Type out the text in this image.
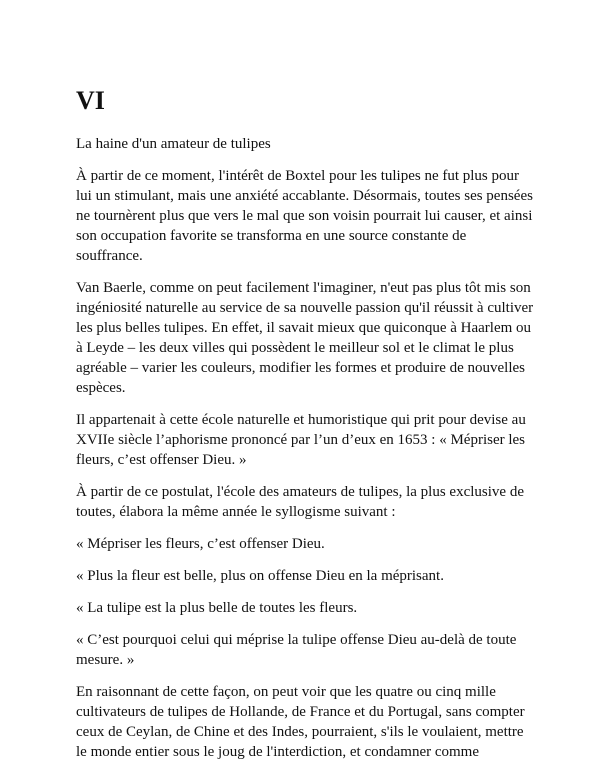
VI

La haine d'un amateur de tulipes

À partir de ce moment, l'intérêt de Boxtel pour les tulipes ne fut plus pour lui un stimulant, mais une anxiété accablante. Désormais, toutes ses pensées ne tournèrent plus que vers le mal que son voisin pourrait lui causer, et ainsi son occupation favorite se transforma en une source constante de souffrance.

Van Baerle, comme on peut facilement l'imaginer, n'eut pas plus tôt mis son ingéniosité naturelle au service de sa nouvelle passion qu'il réussit à cultiver les plus belles tulipes. En effet, il savait mieux que quiconque à Haarlem ou à Leyde – les deux villes qui possèdent le meilleur sol et le climat le plus agréable – varier les couleurs, modifier les formes et produire de nouvelles espèces.

Il appartenait à cette école naturelle et humoristique qui prit pour devise au XVIIe siècle l’aphorisme prononcé par l’un d’eux en 1653 : « Mépriser les fleurs, c’est offenser Dieu. »

À partir de ce postulat, l'école des amateurs de tulipes, la plus exclusive de toutes, élabora la même année le syllogisme suivant :

« Mépriser les fleurs, c’est offenser Dieu.

« Plus la fleur est belle, plus on offense Dieu en la méprisant.

« La tulipe est la plus belle de toutes les fleurs.

« C’est pourquoi celui qui méprise la tulipe offense Dieu au-delà de toute mesure. »

En raisonnant de cette façon, on peut voir que les quatre ou cinq mille cultivateurs de tulipes de Hollande, de France et du Portugal, sans compter ceux de Ceylan, de Chine et des Indes, pourraient, s'ils le voulaient, mettre le monde entier sous le joug de l'interdiction, et condamner comme
